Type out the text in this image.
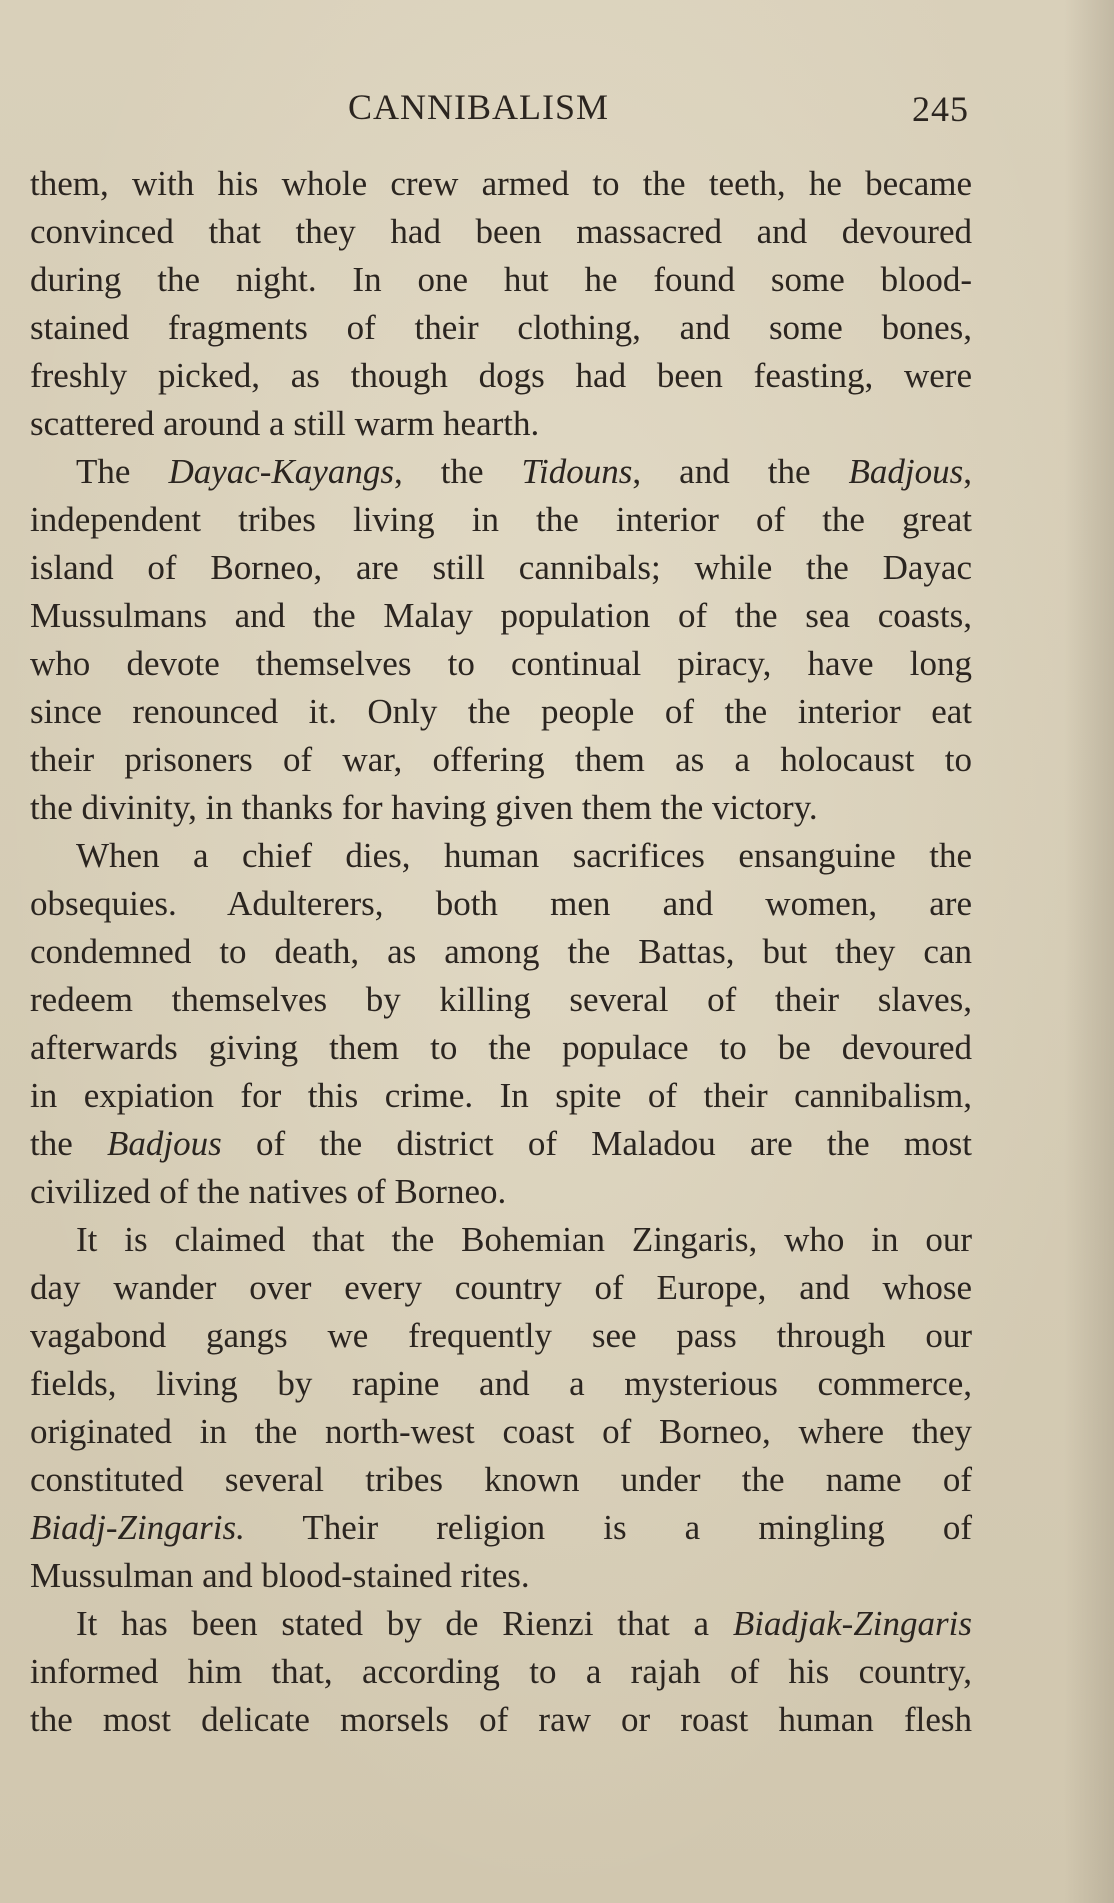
CANNIBALISM	245
them, with his whole crew armed to the teeth, he became
convinced that they had been massacred and devoured
during the night. In one hut he found some blood-
stained fragments of their clothing, and some bones,
freshly picked, as though dogs had been feasting, were
scattered around a still warm hearth.
The Dayac-Kayangs, the Tidouns, and the Badjous,
independent tribes living in the interior of the great
island of Borneo, are still cannibals; while the Dayac
Mussulmans and the Malay population of the sea coasts,
who devote themselves to continual piracy, have long
since renounced it. Only the people of the interior eat
their prisoners of war, offering them as a holocaust to
the divinity, in thanks for having given them the victory.
When a chief dies, human sacrifices ensanguine the
obsequies. Adulterers, both men and women, are
condemned to death, as among the Battas, but they can
redeem themselves by killing several of their slaves,
afterwards giving them to the populace to be devoured
in expiation for this crime. In spite of their cannibalism,
the Badjous of the district of Maladou are the most
civilized of the natives of Borneo.
It is claimed that the Bohemian Zingaris, who in our
day wander over every country of Europe, and whose
vagabond gangs we frequently see pass through our
fields, living by rapine and a mysterious commerce,
originated in the north-west coast of Borneo, where they
constituted several tribes known under the name of
Biadj-Zingaris. Their religion is a mingling of
Mussulman and blood-stained rites.
It has been stated by de Rienzi that a Biadjak-Zingaris
informed him that, according to a rajah of his country,
the most delicate morsels of raw or roast human flesh
